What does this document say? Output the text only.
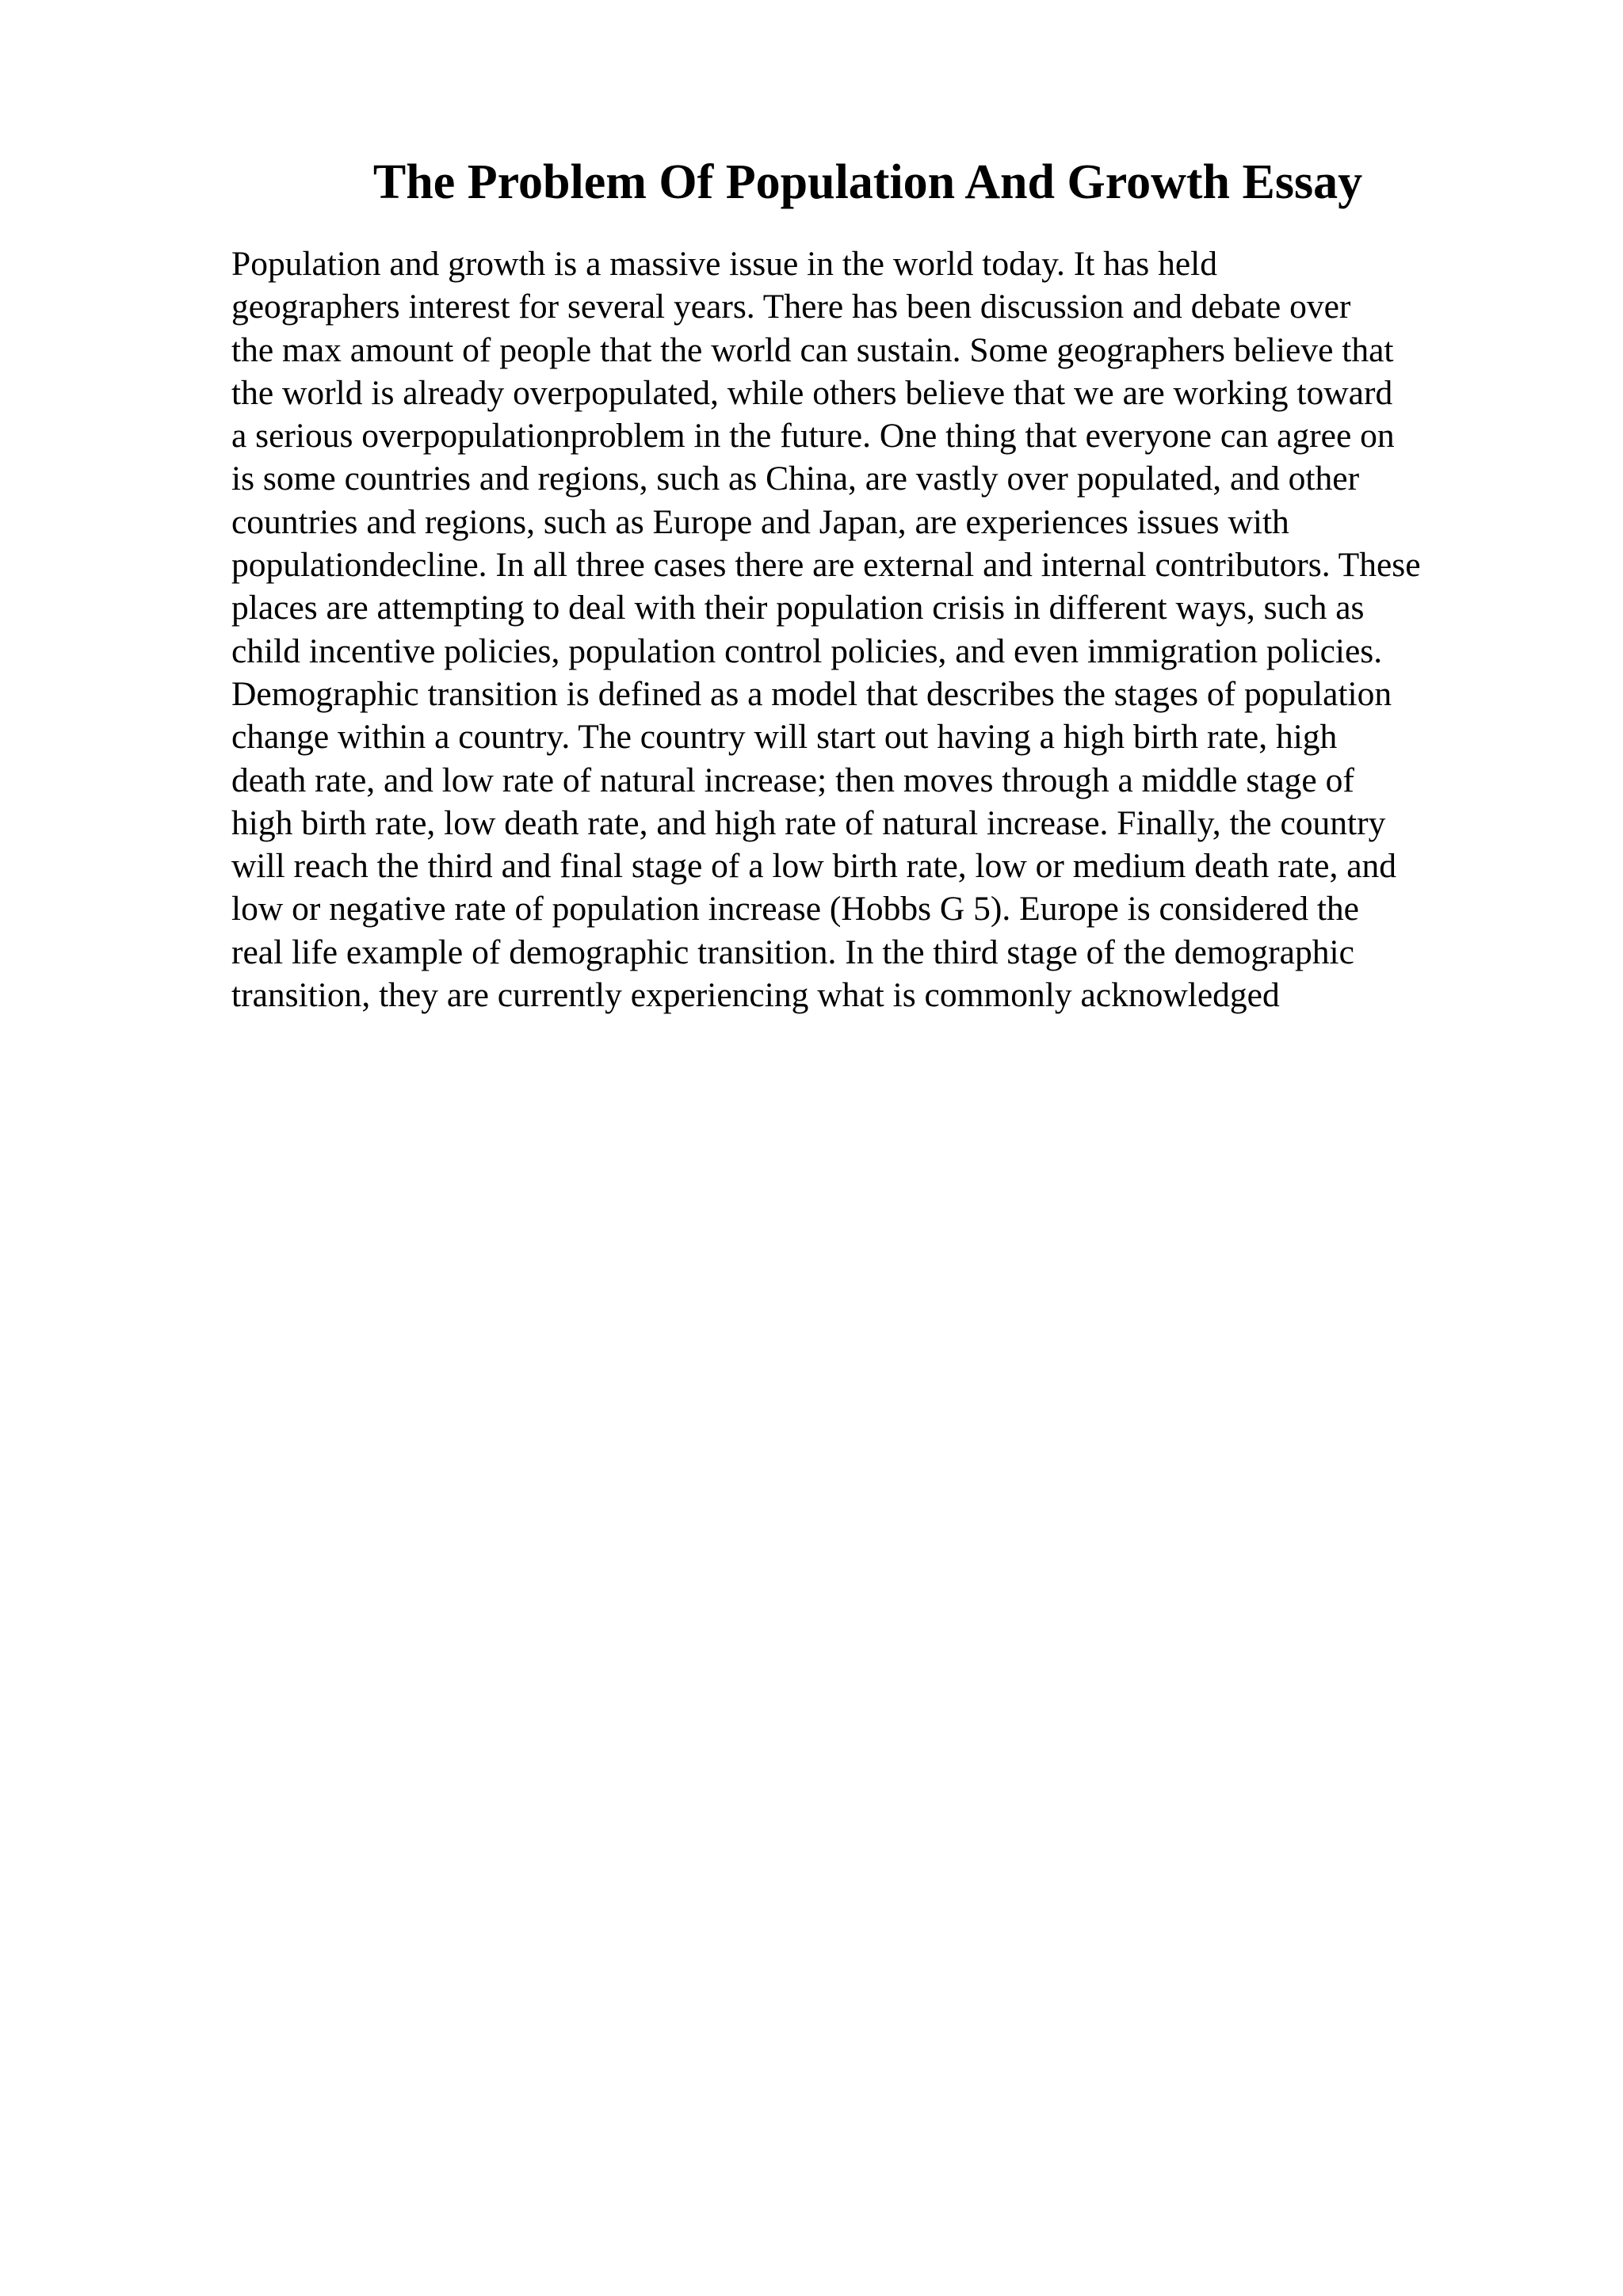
The Problem Of Population And Growth Essay
Population and growth is a massive issue in the world today. It has held
geographers interest for several years. There has been discussion and debate over
the max amount of people that the world can sustain. Some geographers believe that
the world is already overpopulated, while others believe that we are working toward
a serious overpopulationproblem in the future. One thing that everyone can agree on
is some countries and regions, such as China, are vastly over populated, and other
countries and regions, such as Europe and Japan, are experiences issues with
populationdecline. In all three cases there are external and internal contributors. These
places are attempting to deal with their population crisis in different ways, such as
child incentive policies, population control policies, and even immigration policies.
Demographic transition is defined as a model that describes the stages of population
change within a country. The country will start out having a high birth rate, high
death rate, and low rate of natural increase; then moves through a middle stage of
high birth rate, low death rate, and high rate of natural increase. Finally, the country
will reach the third and final stage of a low birth rate, low or medium death rate, and
low or negative rate of population increase (Hobbs G 5). Europe is considered the
real life example of demographic transition. In the third stage of the demographic
transition, they are currently experiencing what is commonly acknowledged
